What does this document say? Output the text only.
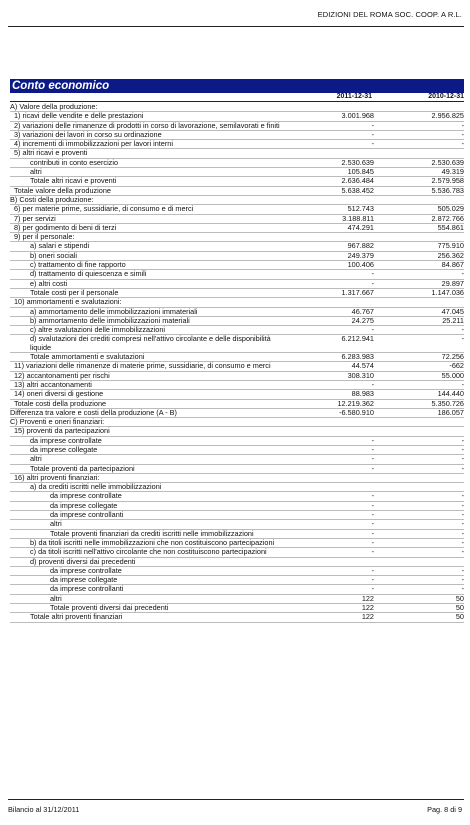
EDIZIONI DEL ROMA SOC. COOP. A R.L.
Conto economico
2011-12-31	2010-12-31
A) Valore della produzione:		
1) ricavi delle vendite e delle prestazioni	3.001.968	2.956.825
2) variazioni delle rimanenze di prodotti in corso di lavorazione, semilavorati e finiti	-	-
3) variazioni dei lavori in corso su ordinazione	-	-
4) incrementi di immobilizzazioni per lavori interni	-	-
5) altri ricavi e proventi		
contributi in conto esercizio	2.530.639	2.530.639
altri	105.845	49.319
Totale altri ricavi e proventi	2.636.484	2.579.958
Totale valore della produzione	5.638.452	5.536.783
B) Costi della produzione:		
6) per materie prime, sussidiarie, di consumo e di merci	512.743	505.029
7) per servizi	3.188.811	2.872.766
8) per godimento di beni di terzi	474.291	554.861
9) per il personale:		
a) salari e stipendi	967.882	775.910
b) oneri sociali	249.379	256.362
c) trattamento di fine rapporto	100.406	84.867
d) trattamento di quiescenza e simili	-	-
e) altri costi	-	29.897
Totale costi per il personale	1.317.667	1.147.036
10) ammortamenti e svalutazioni:		
a) ammortamento delle immobilizzazioni immateriali	46.767	47.045
b) ammortamento delle immobilizzazioni materiali	24.275	25.211
c) altre svalutazioni delle immobilizzazioni	-	-
d) svalutazioni dei crediti compresi nell'attivo circolante e delle disponibilità liquide	6.212.941	-
Totale ammortamenti e svalutazioni	6.283.983	72.256
11) variazioni delle rimanenze di materie prime, sussidiarie, di consumo e merci	44.574	-662
12) accantonamenti per rischi	308.310	55.000
13) altri accantonamenti	-	-
14) oneri diversi di gestione	88.983	144.440
Totale costi della produzione	12.219.362	5.350.726
Differenza tra valore e costi della produzione (A - B)	-6.580.910	186.057
C) Proventi e oneri finanziari:		
15) proventi da partecipazioni		
da imprese controllate	-	-
da imprese collegate	-	-
altri	-	-
Totale proventi da partecipazioni	-	-
16) altri proventi finanziari:		
a) da crediti iscritti nelle immobilizzazioni		
da imprese controllate	-	-
da imprese collegate	-	-
da imprese controllanti	-	-
altri	-	-
Totale proventi finanziari da crediti iscritti nelle immobilizzazioni	-	-
b) da titoli iscritti nelle immobilizzazioni che non costituiscono partecipazioni	-	-
c) da titoli iscritti nell'attivo circolante che non costituiscono partecipazioni	-	-
d) proventi diversi dai precedenti		
da imprese controllate	-	-
da imprese collegate	-	-
da imprese controllanti	-	-
altri	122	50
Totale proventi diversi dai precedenti	122	50
Totale altri proventi finanziari	122	50
Bilancio al 31/12/2011	Pag. 8 di 9
